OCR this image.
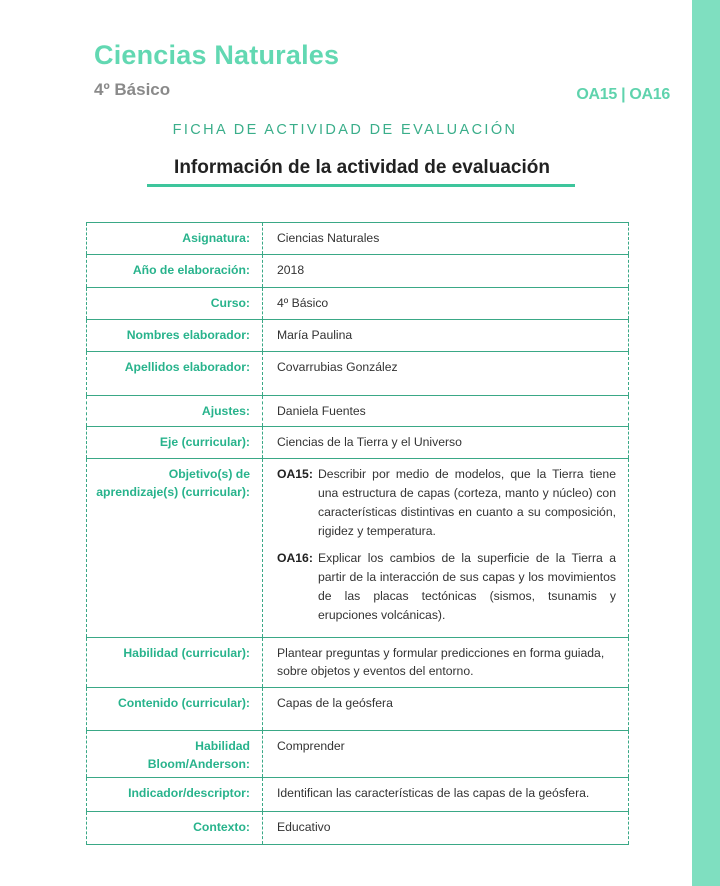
Ciencias Naturales
4º Básico	OA15 | OA16
FICHA DE ACTIVIDAD DE EVALUACIÓN
Información de la actividad de evaluación
Asignatura:	Ciencias Naturales
Año de elaboración:	2018
Curso:	4º Básico
Nombres elaborador:	María Paulina
Apellidos elaborador:	Covarrubias González
Ajustes:	Daniela Fuentes
Eje (curricular):	Ciencias de la Tierra y el Universo
Objetivo(s) de aprendizaje(s) (curricular):	OA15: Describir por medio de modelos, que la Tierra tiene una estructura de capas (corteza, manto y núcleo) con características distintivas en cuanto a su composición, rigidez y temperatura.
OA16: Explicar los cambios de la superficie de la Tierra a partir de la interacción de sus capas y los movimientos de las placas tectónicas (sismos, tsunamis y erupciones volcánicas).

Habilidad (curricular):	Plantear preguntas y formular predicciones en forma guiada, sobre objetos y eventos del entorno.
Contenido (curricular):	Capas de la geósfera
Habilidad Bloom/Anderson:	Comprender
Indicador/descriptor:	Identifican las características de las capas de la geósfera.
Contexto:	Educativo
